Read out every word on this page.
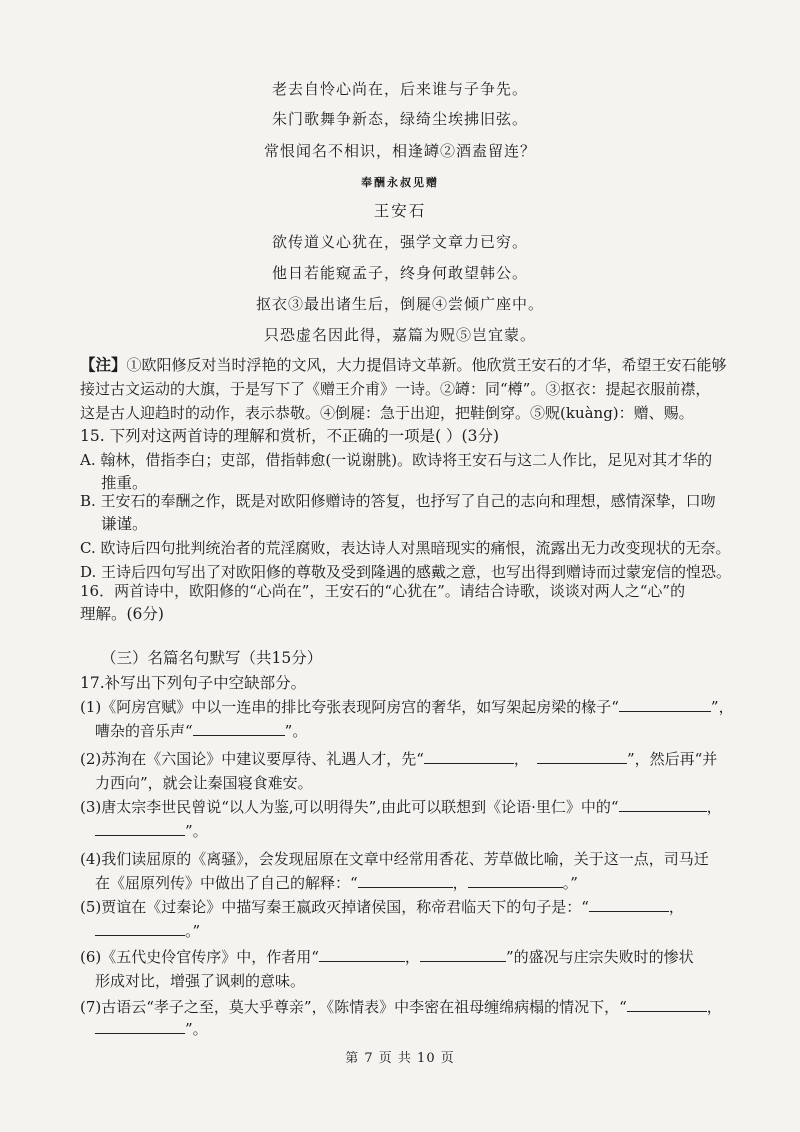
老去自怜心尚在，后来谁与子争先。
朱门歌舞争新态，绿绮尘埃拂旧弦。
常恨闻名不相识，相逢罇②酒盍留连？
奉酬永叔见赠
王安石
欲传道义心犹在，强学文章力已穷。
他日若能窥孟子，终身何敢望韩公。
抠衣③最出诸生后，倒屣④尝倾广座中。
只恐虚名因此得，嘉篇为贶⑤岂宜蒙。
【注】①欧阳修反对当时浮艳的文风，大力提倡诗文革新。他欣赏王安石的才华，希望王安石能够
接过古文运动的大旗，于是写下了《赠王介甫》一诗。②罇：同“樽”。③抠衣：提起衣服前襟，
这是古人迎趋时的动作，表示恭敬。④倒屣：急于出迎，把鞋倒穿。⑤贶(kuàng)：赠、赐。
15. 下列对这两首诗的理解和赏析，不正确的一项是( ）(3分)
A. 翰林，借指李白；吏部，借指韩愈(一说谢朓)。欧诗将王安石与这二人作比，足见对其才华的
推重。
B. 王安石的奉酬之作，既是对欧阳修赠诗的答复，也抒写了自己的志向和理想，感情深挚，口吻
谦谨。
C. 欧诗后四句批判统治者的荒淫腐败，表达诗人对黑暗现实的痛恨，流露出无力改变现状的无奈。
D. 王诗后四句写出了对欧阳修的尊敬及受到隆遇的感戴之意，也写出得到赠诗而过蒙宠信的惶恐。
16．两首诗中，欧阳修的“心尚在”，王安石的“心犹在”。请结合诗歌，谈谈对两人之“心”的
理解。(6分)
（三）名篇名句默写（共15分）
17.补写出下列句子中空缺部分。
(1)《阿房宫赋》中以一连串的排比夸张表现阿房宫的奢华，如写架起房梁的椽子“	”，
嘈杂的音乐声“	”。
(2)苏洵在《六国论》中建议要厚待、礼遇人才，先“	，	”，然后再“并
力西向”，就会让秦国寝食难安。
(3)唐太宗李世民曾说“以人为鉴,可以明得失”,由此可以联想到《论语·里仁》中的“	，
”。
(4)我们读屈原的《离骚》，会发现屈原在文章中经常用香花、芳草做比喻，关于这一点，司马迁
在《屈原列传》中做出了自己的解释：“	，	。”
(5)贾谊在《过秦论》中描写秦王嬴政灭掉诸侯国，称帝君临天下的句子是：“	，
。”
(6)《五代史伶官传序》中，作者用“	，	”的盛况与庄宗失败时的惨状
形成对比，增强了讽刺的意味。
(7)古语云“孝子之至，莫大乎尊亲”，《陈情表》中李密在祖母缠绵病榻的情况下，“	，
”。
第 7 页 共 10 页
